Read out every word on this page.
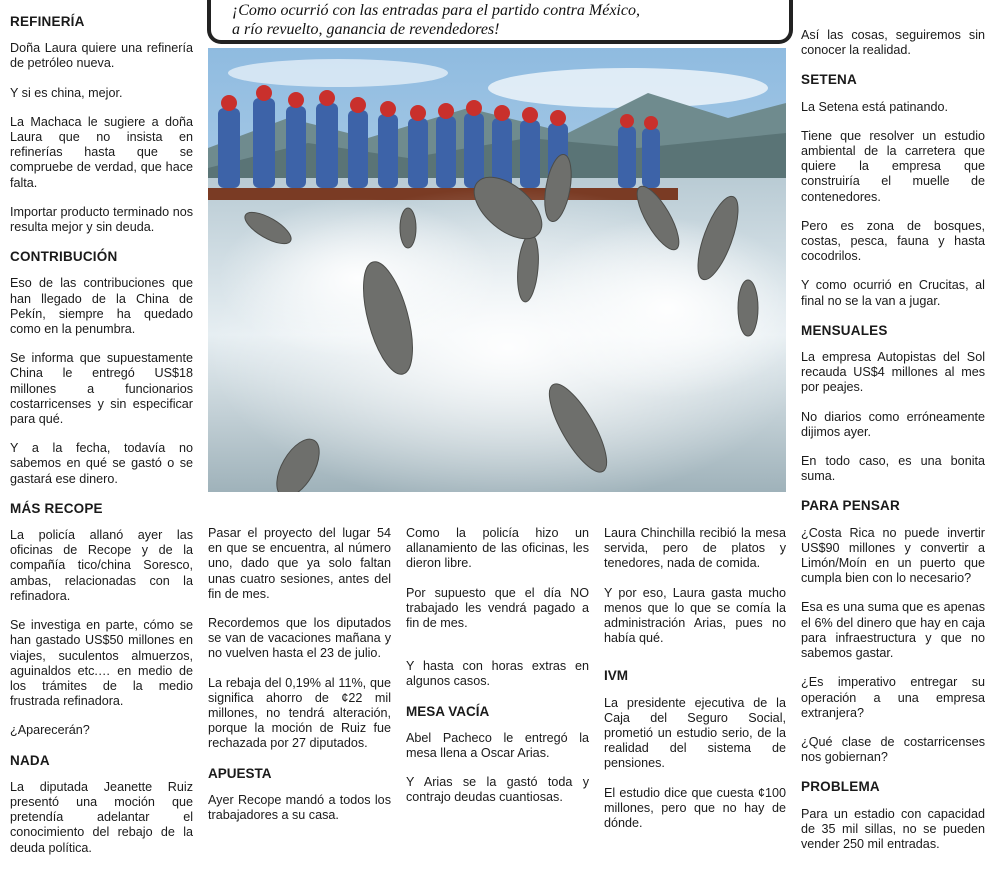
¡Como ocurrió con las entradas para el partido contra México,
a río revuelto, ganancia de revendedores!
REFINERÍA

Doña Laura quiere una refinería de petróleo nueva.

Y si es china, mejor.

La Machaca le sugiere a doña Laura que no insista en refinerías hasta que se compruebe de verdad, que hace falta.

Importar producto terminado nos resulta mejor y sin deuda.

CONTRIBUCIÓN

Eso de las contribuciones que han llegado de la China de Pekín, siempre ha quedado como en la penumbra.

Se informa que supuestamente China le entregó US$18 millones a funcionarios costarricenses y sin especificar para qué.

Y a la fecha, todavía no sabemos en qué se gastó o se gastará ese dinero.

MÁS RECOPE

La policía allanó ayer las oficinas de Recope y de la compañía tico/china Soresco, ambas, relacionadas con la refinadora.

Se investiga en parte, cómo se han gastado US$50 millones en viajes, suculentos almuerzos, aguinaldos etc.… en medio de los trámites de la medio frustrada refinadora.

¿Aparecerán?

NADA

La diputada Jeanette Ruiz presentó una moción que pretendía adelantar el conocimiento del rebajo de la deuda política.

Pasar el proyecto del lugar 54 en que se encuentra, al número uno, dado que ya solo faltan unas cuatro sesiones, antes del fin de mes.

Recordemos que los diputados se van de vacaciones mañana y no vuelven hasta el 23 de julio.

La rebaja del 0,19% al 11%, que significa ahorro de ¢22 mil millones, no tendrá alteración, porque la moción de Ruiz fue rechazada por 27 diputados.

APUESTA

Ayer Recope mandó a todos los trabajadores a su casa.

Como la policía hizo un allanamiento de las oficinas, les dieron libre.

Por supuesto que el día NO trabajado les vendrá pagado a fin de mes.

Y hasta con horas extras en algunos casos.

MESA VACÍA

Abel Pacheco le entregó la mesa llena a Oscar Arias.

Y Arias se la gastó toda y contrajo deudas cuantiosas.

Laura Chinchilla recibió la mesa servida, pero de platos y tenedores, nada de comida.

Y por eso, Laura gasta mucho menos que lo que se comía la administración Arias, pues no había qué.

IVM

La presidente ejecutiva de la Caja del Seguro Social, prometió un estudio serio, de la realidad del sistema de pensiones.

El estudio dice que cuesta ¢100 millones, pero que no hay de dónde.

Así las cosas, seguiremos sin conocer la realidad.

SETENA

La Setena está patinando.

Tiene que resolver un estudio ambiental de la carretera que quiere la empresa que construiría el muelle de contenedores.

Pero es zona de bosques, costas, pesca, fauna y hasta cocodrilos.

Y como ocurrió en Crucitas, al final no se la van a jugar.

MENSUALES

La empresa Autopistas del Sol recauda US$4 millones al mes por peajes.

No diarios como erróneamente dijimos ayer.

En todo caso, es una bonita suma.

PARA PENSAR

¿Costa Rica no puede invertir US$90 millones y convertir a Limón/Moín en un puerto que cumpla bien con lo necesario?

Esa es una suma que es apenas el 6% del dinero que hay en caja para infraestructura y que no sabemos gastar.

¿Es imperativo entregar su operación a una empresa extranjera?

¿Qué clase de costarricenses nos gobiernan?

PROBLEMA

Para un estadio con capacidad de 35 mil sillas, no se pueden vender 250 mil entradas.
